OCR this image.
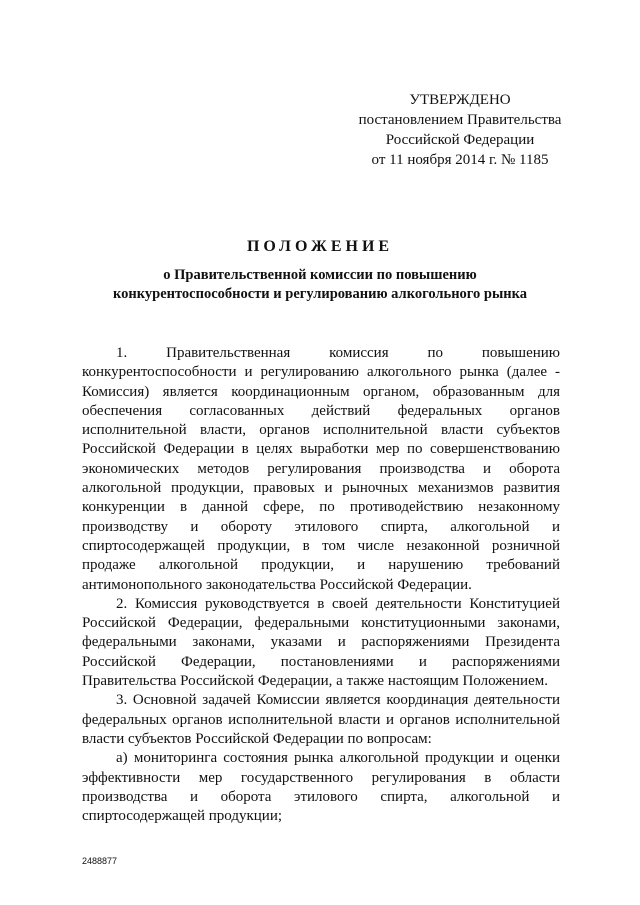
УТВЕРЖДЕНО
постановлением Правительства
Российской Федерации
от 11 ноября 2014 г. № 1185
ПОЛОЖЕНИЕ
о Правительственной комиссии по повышению
конкурентоспособности и регулированию алкогольного рынка

1. Правительственная комиссия по повышению конкурентоспособности и регулированию алкогольного рынка (далее - Комиссия) является координационным органом, образованным для обеспечения согласованных действий федеральных органов исполнительной власти, органов исполнительной власти субъектов Российской Федерации в целях выработки мер по совершенствованию экономических методов регулирования производства и оборота алкогольной продукции, правовых и рыночных механизмов развития конкуренции в данной сфере, по противодействию незаконному производству и обороту этилового спирта, алкогольной и спиртосодержащей продукции, в том числе незаконной розничной продаже алкогольной продукции, и нарушению требований антимонопольного законодательства Российской Федерации.

2. Комиссия руководствуется в своей деятельности Конституцией Российской Федерации, федеральными конституционными законами, федеральными законами, указами и распоряжениями Президента Российской Федерации, постановлениями и распоряжениями Правительства Российской Федерации, а также настоящим Положением.

3. Основной задачей Комиссии является координация деятельности федеральных органов исполнительной власти и органов исполнительной власти субъектов Российской Федерации по вопросам:

а) мониторинга состояния рынка алкогольной продукции и оценки эффективности мер государственного регулирования в области производства и оборота этилового спирта, алкогольной и спиртосодержащей продукции;

2488877
